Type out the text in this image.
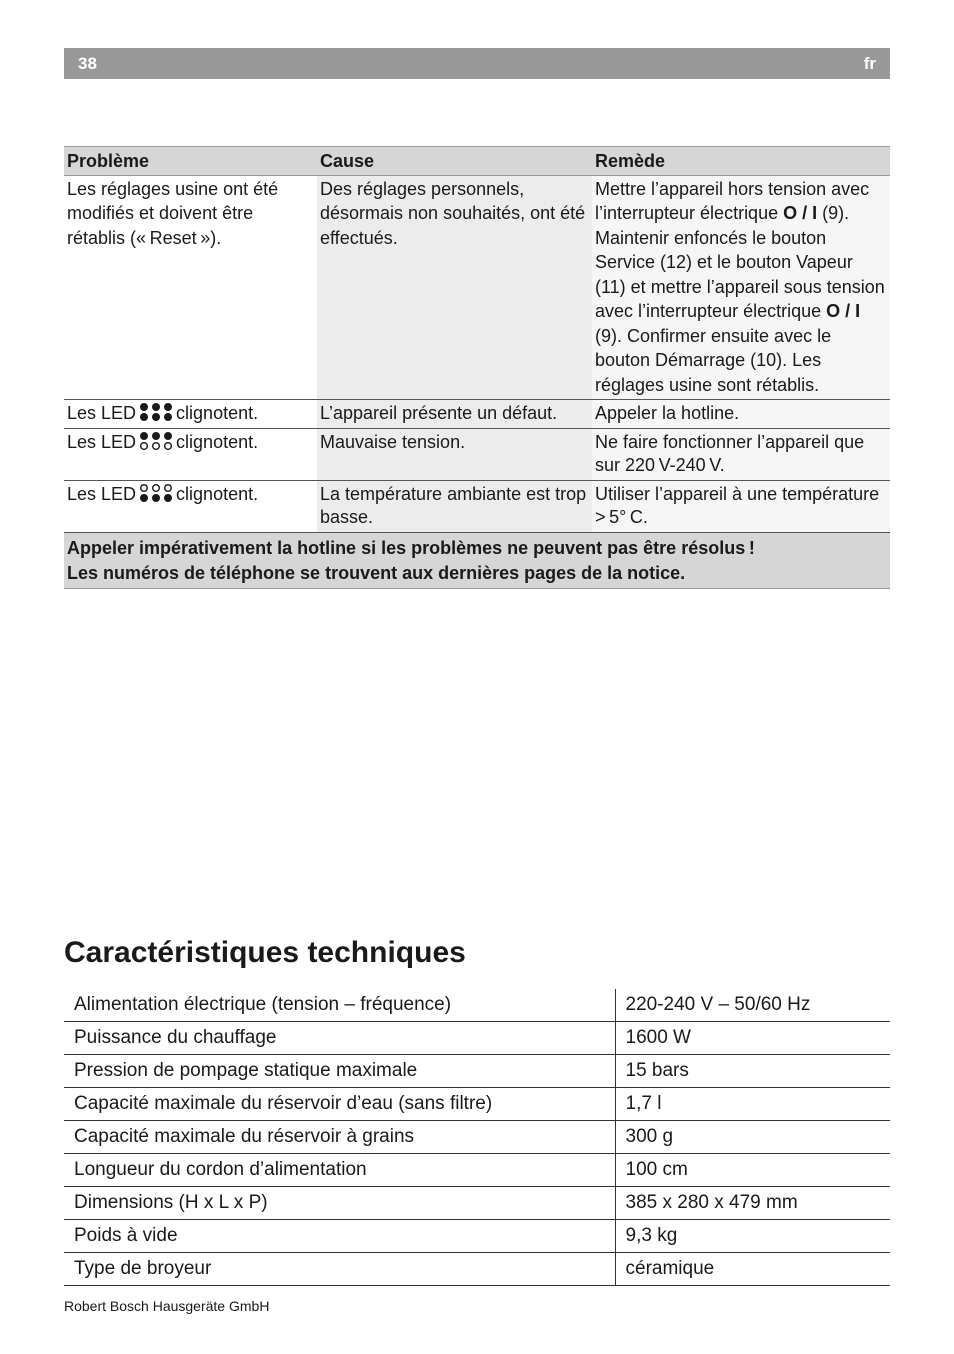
38	fr
Problème	Cause	Remède
Les réglages usine ont été modifiés et doivent être rétablis (« Reset »).	Des réglages personnels, désormais non souhaités, ont été effectués.	Mettre l’appareil hors tension avec l’interrupteur électrique O / I (9). Maintenir enfoncés le bouton Service (12) et le bouton Vapeur (11) et mettre l’appareil sous tension avec l’interrupteur électrique O / I (9). Confirmer ensuite avec le bouton Démarrage (10). Les réglages usine sont rétablis.
Les LED clignotent.	L’appareil présente un défaut.	Appeler la hotline.
Les LED clignotent.	Mauvaise tension.	Ne faire fonctionner l’appareil que sur 220 V-240 V.
Les LED clignotent.	La température ambiante est trop basse.	Utiliser l’appareil à une température > 5° C.
Appeler impérativement la hotline si les problèmes ne peuvent pas être résolus !
Les numéros de téléphone se trouvent aux dernières pages de la notice.		
Caractéristiques techniques
Alimentation électrique (tension – fréquence)	220-240 V – 50/60 Hz
Puissance du chauffage	1600 W
Pression de pompage statique maximale	15 bars
Capacité maximale du réservoir d’eau (sans filtre)	1,7 l
Capacité maximale du réservoir à grains	300 g
Longueur du cordon d’alimentation	100 cm
Dimensions (H x L x P)	385 x 280 x 479 mm
Poids à vide	9,3 kg
Type de broyeur	céramique
Robert Bosch Hausgeräte GmbH
